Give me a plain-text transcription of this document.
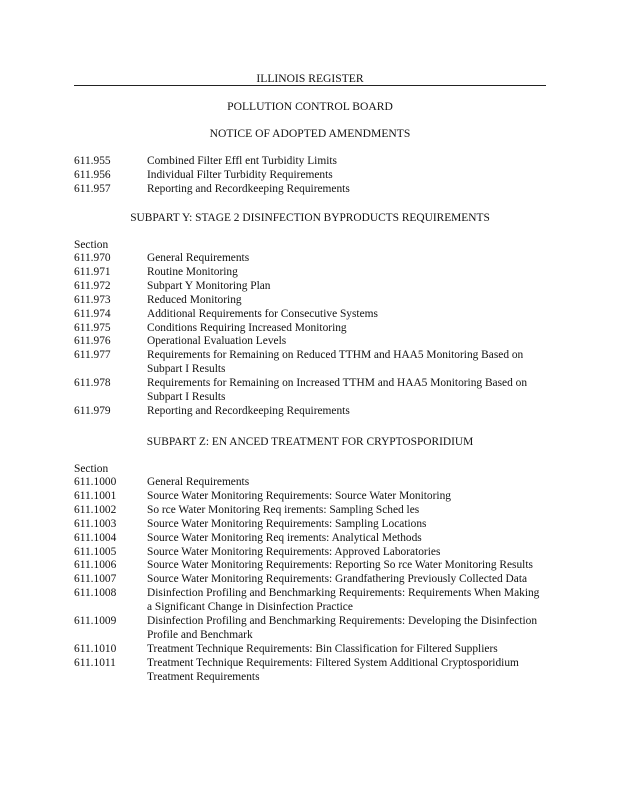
ILLINOIS REGISTER
POLLUTION CONTROL BOARD
NOTICE OF ADOPTED AMENDMENTS
611.955	Combined Filter Effl ent Turbidity Limits
611.956	Individual Filter Turbidity Requirements
611.957	Reporting and Recordkeeping Requirements
SUBPART Y: STAGE 2 DISINFECTION BYPRODUCTS REQUIREMENTS
Section
611.970	General Requirements
611.971	Routine Monitoring
611.972	Subpart Y Monitoring Plan
611.973	Reduced Monitoring
611.974	Additional Requirements for Consecutive Systems
611.975	Conditions Requiring Increased Monitoring
611.976	Operational Evaluation Levels
611.977	Requirements for Remaining on Reduced TTHM and HAA5 Monitoring Based on Subpart I Results
611.978	Requirements for Remaining on Increased TTHM and HAA5 Monitoring Based on Subpart I Results
611.979	Reporting and Recordkeeping Requirements
SUBPART Z: EN ANCED TREATMENT FOR CRYPTOSPORIDIUM
Section
611.1000	General Requirements
611.1001	Source Water Monitoring Requirements: Source Water Monitoring
611.1002	So rce Water Monitoring Req irements: Sampling Sched les
611.1003	Source Water Monitoring Requirements: Sampling Locations
611.1004	Source Water Monitoring Req irements: Analytical Methods
611.1005	Source Water Monitoring Requirements: Approved Laboratories
611.1006	Source Water Monitoring Requirements: Reporting So rce Water Monitoring Results
611.1007	Source Water Monitoring Requirements: Grandfathering Previously Collected Data
611.1008	Disinfection Profiling and Benchmarking Requirements: Requirements When Making a Significant Change in Disinfection Practice
611.1009	Disinfection Profiling and Benchmarking Requirements: Developing the Disinfection Profile and Benchmark
611.1010	Treatment Technique Requirements: Bin Classification for Filtered Suppliers
611.1011	Treatment Technique Requirements: Filtered System Additional Cryptosporidium Treatment Requirements
